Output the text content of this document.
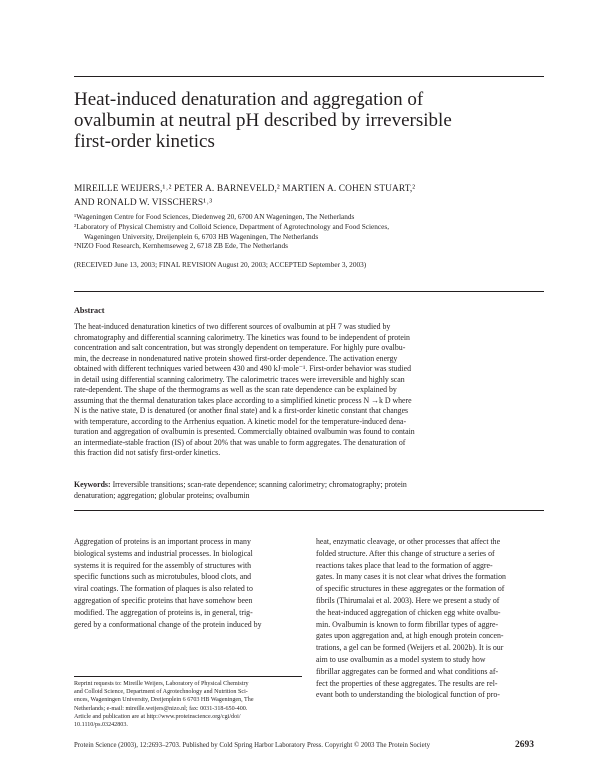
Heat-induced denaturation and aggregation of
ovalbumin at neutral pH described by irreversible
first-order kinetics
MIREILLE WEIJERS,¹˒² PETER A. BARNEVELD,² MARTIEN A. COHEN STUART,²
AND RONALD W. VISSCHERS¹˒³
¹Wageningen Centre for Food Sciences, Diedenweg 20, 6700 AN Wageningen, The Netherlands
²Laboratory of Physical Chemistry and Colloid Science, Department of Agrotechnology and Food Sciences,
Wageningen University, Dreijenplein 6, 6703 HB Wageningen, The Netherlands
³NIZO Food Research, Kernhemseweg 2, 6718 ZB Ede, The Netherlands
(RECEIVED June 13, 2003; FINAL REVISION August 20, 2003; ACCEPTED September 3, 2003)
Abstract
The heat-induced denaturation kinetics of two different sources of ovalbumin at pH 7 was studied by
chromatography and differential scanning calorimetry. The kinetics was found to be independent of protein
concentration and salt concentration, but was strongly dependent on temperature. For highly pure ovalbu-
min, the decrease in nondenatured native protein showed first-order dependence. The activation energy
obtained with different techniques varied between 430 and 490 kJ·mole⁻¹. First-order behavior was studied
in detail using differential scanning calorimetry. The calorimetric traces were irreversible and highly scan
rate-dependent. The shape of the thermograms as well as the scan rate dependence can be explained by
assuming that the thermal denaturation takes place according to a simplified kinetic process N →k D where
N is the native state, D is denatured (or another final state) and k a first-order kinetic constant that changes
with temperature, according to the Arrhenius equation. A kinetic model for the temperature-induced dena-
turation and aggregation of ovalbumin is presented. Commercially obtained ovalbumin was found to contain
an intermediate-stable fraction (IS) of about 20% that was unable to form aggregates. The denaturation of
this fraction did not satisfy first-order kinetics.
Keywords: Irreversible transitions; scan-rate dependence; scanning calorimetry; chromatography; protein
denaturation; aggregation; globular proteins; ovalbumin
Aggregation of proteins is an important process in many
biological systems and industrial processes. In biological
systems it is required for the assembly of structures with
specific functions such as microtubules, blood clots, and
viral coatings. The formation of plaques is also related to
aggregation of specific proteins that have somehow been
modified. The aggregation of proteins is, in general, trig-
gered by a conformational change of the protein induced by
Reprint requests to: Mireille Weijers, Laboratory of Physical Chemistry
and Colloid Science, Department of Agrotechnology and Nutrition Sci-
ences, Wageningen University, Dreijenplein 6 6703 HB Wageningen, The
Netherlands; e-mail: mireille.weijers@nizo.nl; fax: 0031-318-650-400.
Article and publication are at http://www.proteinscience.org/cgi/doi/
10.1110/ps.03242803.
heat, enzymatic cleavage, or other processes that affect the
folded structure. After this change of structure a series of
reactions takes place that lead to the formation of aggre-
gates. In many cases it is not clear what drives the formation
of specific structures in these aggregates or the formation of
fibrils (Thirumalai et al. 2003). Here we present a study of
the heat-induced aggregation of chicken egg white ovalbu-
min. Ovalbumin is known to form fibrillar types of aggre-
gates upon aggregation and, at high enough protein concen-
trations, a gel can be formed (Weijers et al. 2002b). It is our
aim to use ovalbumin as a model system to study how
fibrillar aggregates can be formed and what conditions af-
fect the properties of these aggregates. The results are rel-
evant both to understanding the biological function of pro-
Protein Science (2003), 12:2693–2703. Published by Cold Spring Harbor Laboratory Press. Copyright © 2003 The Protein Society	2693
